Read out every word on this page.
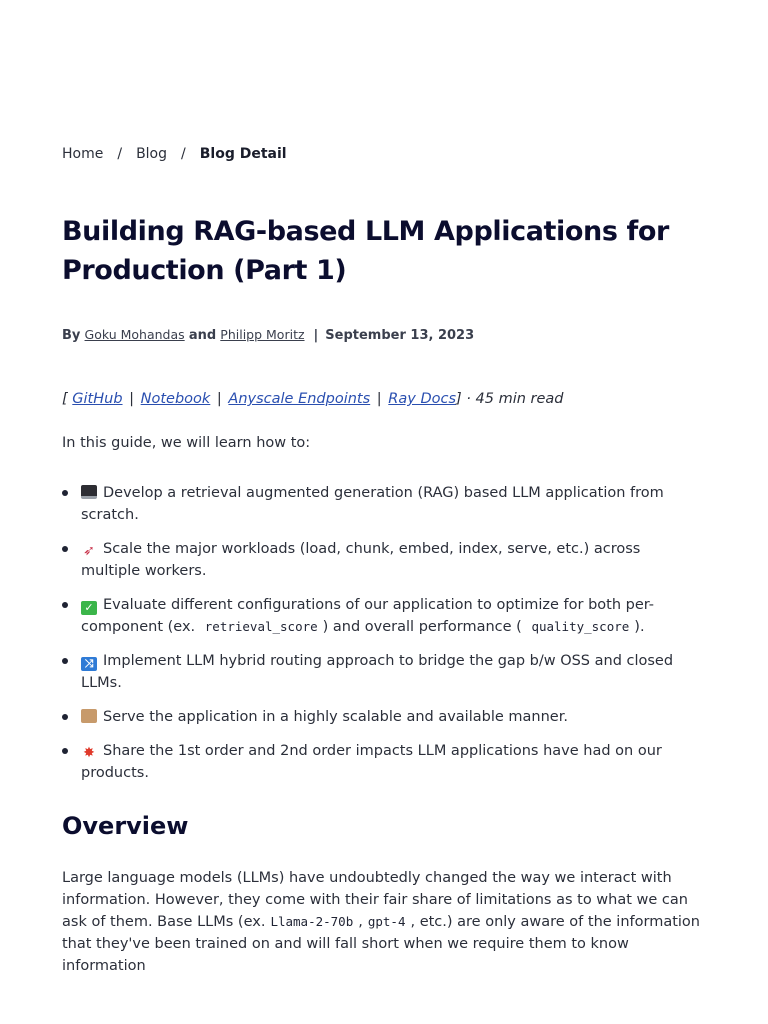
Home / Blog / Blog Detail
Building RAG-based LLM Applications for Production (Part 1)
By Goku Mohandas and Philipp Moritz | September 13, 2023
[ GitHub | Notebook | Anyscale Endpoints | Ray Docs] · 45 min read
In this guide, we will learn how to:
Develop a retrieval augmented generation (RAG) based LLM application from scratch.
➶ Scale the major workloads (load, chunk, embed, index, serve, etc.) across multiple workers.
✓ Evaluate different configurations of our application to optimize for both per-component (ex. retrieval_score ) and overall performance ( quality_score ).
⤨ Implement LLM hybrid routing approach to bridge the gap b/w OSS and closed LLMs.
Serve the application in a highly scalable and available manner.
✸ Share the 1st order and 2nd order impacts LLM applications have had on our products.
Overview

Large language models (LLMs) have undoubtedly changed the way we interact with information. However, they come with their fair share of limitations as to what we can ask of them. Base LLMs (ex. Llama-2-70b , gpt-4 , etc.) are only aware of the information that they've been trained on and will fall short when we require them to know information
